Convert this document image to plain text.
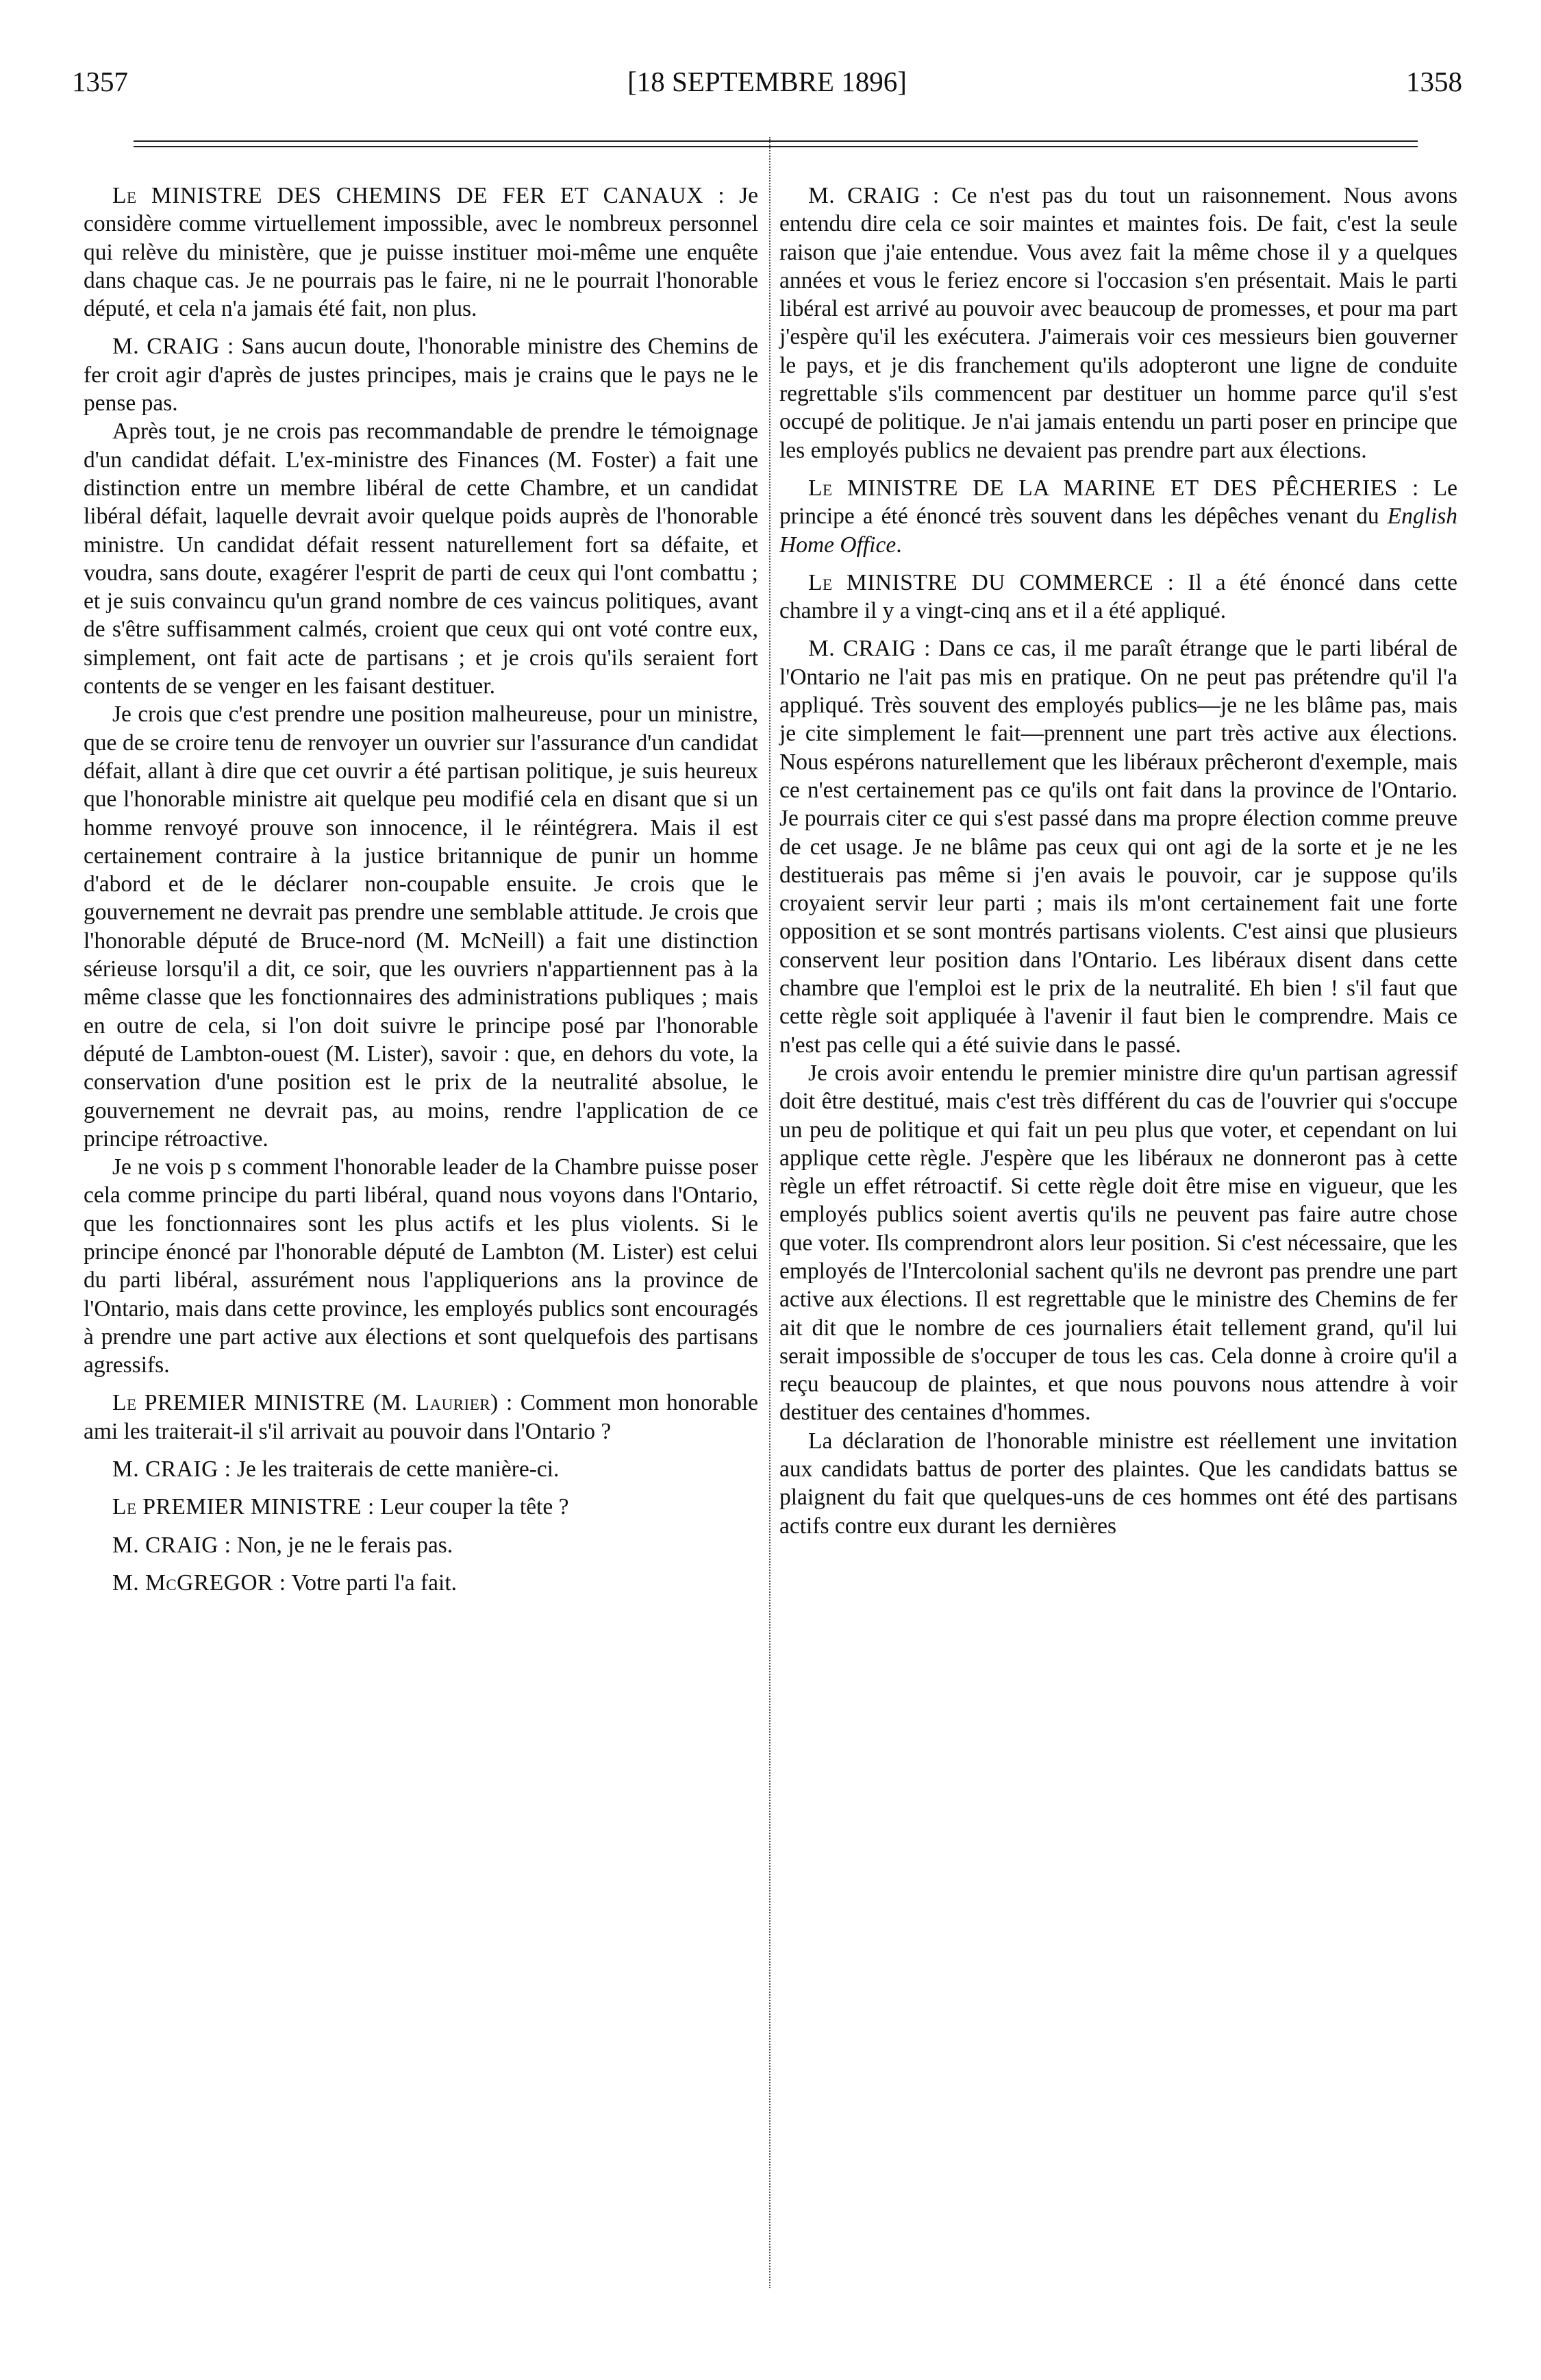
1357	[18 SEPTEMBRE 1896]	1358

Le MINISTRE DES CHEMINS DE FER ET CANAUX : Je considère comme virtuellement impossible, avec le nombreux personnel qui relève du ministère, que je puisse instituer moi-même une enquête dans chaque cas. Je ne pourrais pas le faire, ni ne le pourrait l'honorable député, et cela n'a jamais été fait, non plus.

M. CRAIG : Sans aucun doute, l'honorable ministre des Chemins de fer croit agir d'après de justes principes, mais je crains que le pays ne le pense pas.

Après tout, je ne crois pas recommandable de prendre le témoignage d'un candidat défait. L'ex-ministre des Finances (M. Foster) a fait une distinction entre un membre libéral de cette Chambre, et un candidat libéral défait, laquelle devrait avoir quelque poids auprès de l'honorable ministre. Un candidat défait ressent naturellement fort sa défaite, et voudra, sans doute, exagérer l'esprit de parti de ceux qui l'ont combattu ; et je suis convaincu qu'un grand nombre de ces vaincus politiques, avant de s'être suffisamment calmés, croient que ceux qui ont voté contre eux, simplement, ont fait acte de partisans ; et je crois qu'ils seraient fort contents de se venger en les faisant destituer.

Je crois que c'est prendre une position malheureuse, pour un ministre, que de se croire tenu de renvoyer un ouvrier sur l'assurance d'un candidat défait, allant à dire que cet ouvrir a été partisan politique, je suis heureux que l'honorable ministre ait quelque peu modifié cela en disant que si un homme renvoyé prouve son innocence, il le réintégrera. Mais il est certainement contraire à la justice britannique de punir un homme d'abord et de le déclarer non-coupable ensuite. Je crois que le gouvernement ne devrait pas prendre une semblable attitude. Je crois que l'honorable député de Bruce-nord (M. McNeill) a fait une distinction sérieuse lorsqu'il a dit, ce soir, que les ouvriers n'appartiennent pas à la même classe que les fonctionnaires des administrations publiques ; mais en outre de cela, si l'on doit suivre le principe posé par l'honorable député de Lambton-ouest (M. Lister), savoir : que, en dehors du vote, la conservation d'une position est le prix de la neutralité absolue, le gouvernement ne devrait pas, au moins, rendre l'application de ce principe rétroactive.

Je ne vois p s comment l'honorable leader de la Chambre puisse poser cela comme principe du parti libéral, quand nous voyons dans l'Ontario, que les fonctionnaires sont les plus actifs et les plus violents. Si le principe énoncé par l'honorable député de Lambton (M. Lister) est celui du parti libéral, assurément nous l'appliquerions ans la province de l'Ontario, mais dans cette province, les employés publics sont encouragés à prendre une part active aux élections et sont quelquefois des partisans agressifs.

Le PREMIER MINISTRE (M. Laurier) : Comment mon honorable ami les traiterait-il s'il arrivait au pouvoir dans l'Ontario ?

M. CRAIG : Je les traiterais de cette manière-ci.

Le PREMIER MINISTRE : Leur couper la tête ?

M. CRAIG : Non, je ne le ferais pas.

M. McGREGOR : Votre parti l'a fait.

M. CRAIG : Ce n'est pas du tout un raisonnement. Nous avons entendu dire cela ce soir maintes et maintes fois. De fait, c'est la seule raison que j'aie entendue. Vous avez fait la même chose il y a quelques années et vous le feriez encore si l'occasion s'en présentait. Mais le parti libéral est arrivé au pouvoir avec beaucoup de promesses, et pour ma part j'espère qu'il les exécutera. J'aimerais voir ces messieurs bien gouverner le pays, et je dis franchement qu'ils adopteront une ligne de conduite regrettable s'ils commencent par destituer un homme parce qu'il s'est occupé de politique. Je n'ai jamais entendu un parti poser en principe que les employés publics ne devaient pas prendre part aux élections.

Le MINISTRE DE LA MARINE ET DES PÊCHERIES : Le principe a été énoncé très souvent dans les dépêches venant du English Home Office.

Le MINISTRE DU COMMERCE : Il a été énoncé dans cette chambre il y a vingt-cinq ans et il a été appliqué.

M. CRAIG : Dans ce cas, il me paraît étrange que le parti libéral de l'Ontario ne l'ait pas mis en pratique. On ne peut pas prétendre qu'il l'a appliqué. Très souvent des employés publics—je ne les blâme pas, mais je cite simplement le fait—prennent une part très active aux élections. Nous espérons naturellement que les libéraux prêcheront d'exemple, mais ce n'est certainement pas ce qu'ils ont fait dans la province de l'Ontario. Je pourrais citer ce qui s'est passé dans ma propre élection comme preuve de cet usage. Je ne blâme pas ceux qui ont agi de la sorte et je ne les destituerais pas même si j'en avais le pouvoir, car je suppose qu'ils croyaient servir leur parti ; mais ils m'ont certainement fait une forte opposition et se sont montrés partisans violents. C'est ainsi que plusieurs conservent leur position dans l'Ontario. Les libéraux disent dans cette chambre que l'emploi est le prix de la neutralité. Eh bien ! s'il faut que cette règle soit appliquée à l'avenir il faut bien le comprendre. Mais ce n'est pas celle qui a été suivie dans le passé.

Je crois avoir entendu le premier ministre dire qu'un partisan agressif doit être destitué, mais c'est très différent du cas de l'ouvrier qui s'occupe un peu de politique et qui fait un peu plus que voter, et cependant on lui applique cette règle. J'espère que les libéraux ne donneront pas à cette règle un effet rétroactif. Si cette règle doit être mise en vigueur, que les employés publics soient avertis qu'ils ne peuvent pas faire autre chose que voter. Ils comprendront alors leur position. Si c'est nécessaire, que les employés de l'Intercolonial sachent qu'ils ne devront pas prendre une part active aux élections. Il est regrettable que le ministre des Chemins de fer ait dit que le nombre de ces journaliers était tellement grand, qu'il lui serait impossible de s'occuper de tous les cas. Cela donne à croire qu'il a reçu beaucoup de plaintes, et que nous pouvons nous attendre à voir destituer des centaines d'hommes.

La déclaration de l'honorable ministre est réellement une invitation aux candidats battus de porter des plaintes. Que les candidats battus se plaignent du fait que quelques-uns de ces hommes ont été des partisans actifs contre eux durant les dernières
